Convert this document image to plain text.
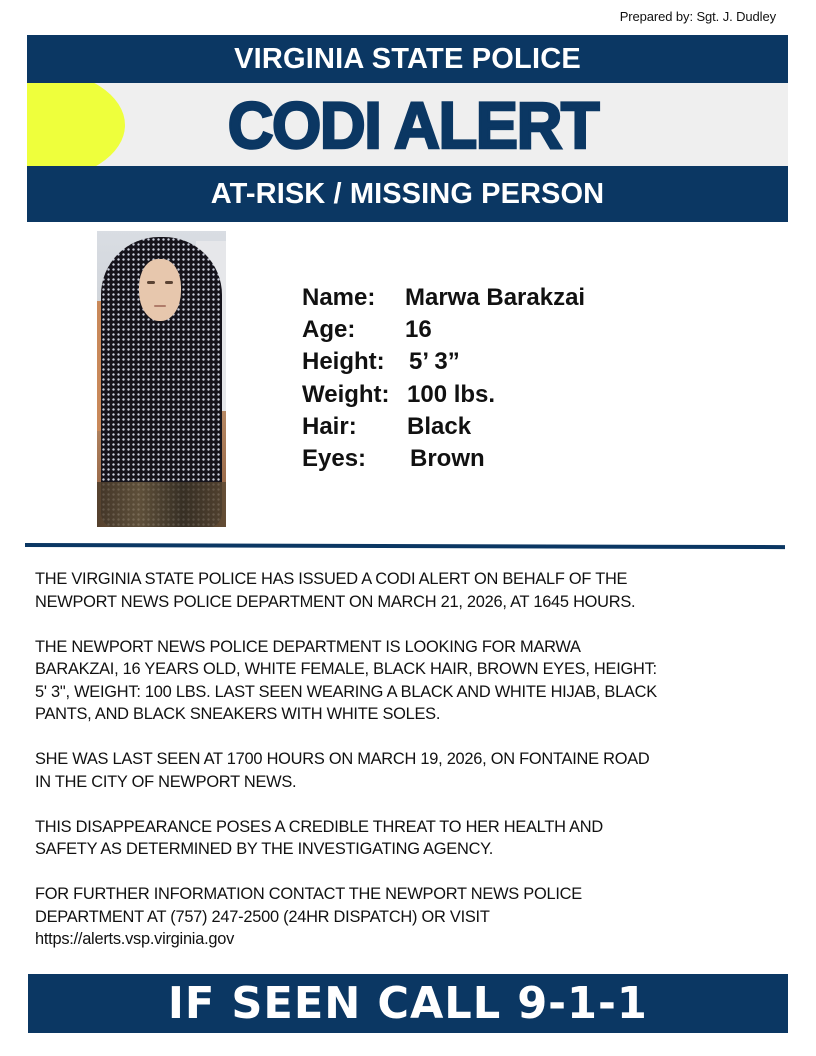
Prepared by: Sgt. J. Dudley
VIRGINIA STATE POLICE
CODI ALERT
AT-RISK / MISSING PERSON
Name: Marwa Barakzai
Age: 16
Height: 5’ 3”
Weight: 100 lbs.
Hair: Black
Eyes: Brown

THE VIRGINIA STATE POLICE HAS ISSUED A CODI ALERT ON BEHALF OF THE
NEWPORT NEWS POLICE DEPARTMENT ON MARCH 21, 2026, AT 1645 HOURS.

THE NEWPORT NEWS POLICE DEPARTMENT IS LOOKING FOR MARWA
BARAKZAI, 16 YEARS OLD, WHITE FEMALE, BLACK HAIR, BROWN EYES, HEIGHT:
5' 3", WEIGHT: 100 LBS. LAST SEEN WEARING A BLACK AND WHITE HIJAB, BLACK
PANTS, AND BLACK SNEAKERS WITH WHITE SOLES.

SHE WAS LAST SEEN AT 1700 HOURS ON MARCH 19, 2026, ON FONTAINE ROAD
IN THE CITY OF NEWPORT NEWS.

THIS DISAPPEARANCE POSES A CREDIBLE THREAT TO HER HEALTH AND
SAFETY AS DETERMINED BY THE INVESTIGATING AGENCY.

FOR FURTHER INFORMATION CONTACT THE NEWPORT NEWS POLICE
DEPARTMENT AT (757) 247-2500 (24HR DISPATCH) OR VISIT
https://alerts.vsp.virginia.gov

IF SEEN CALL 9-1-1
